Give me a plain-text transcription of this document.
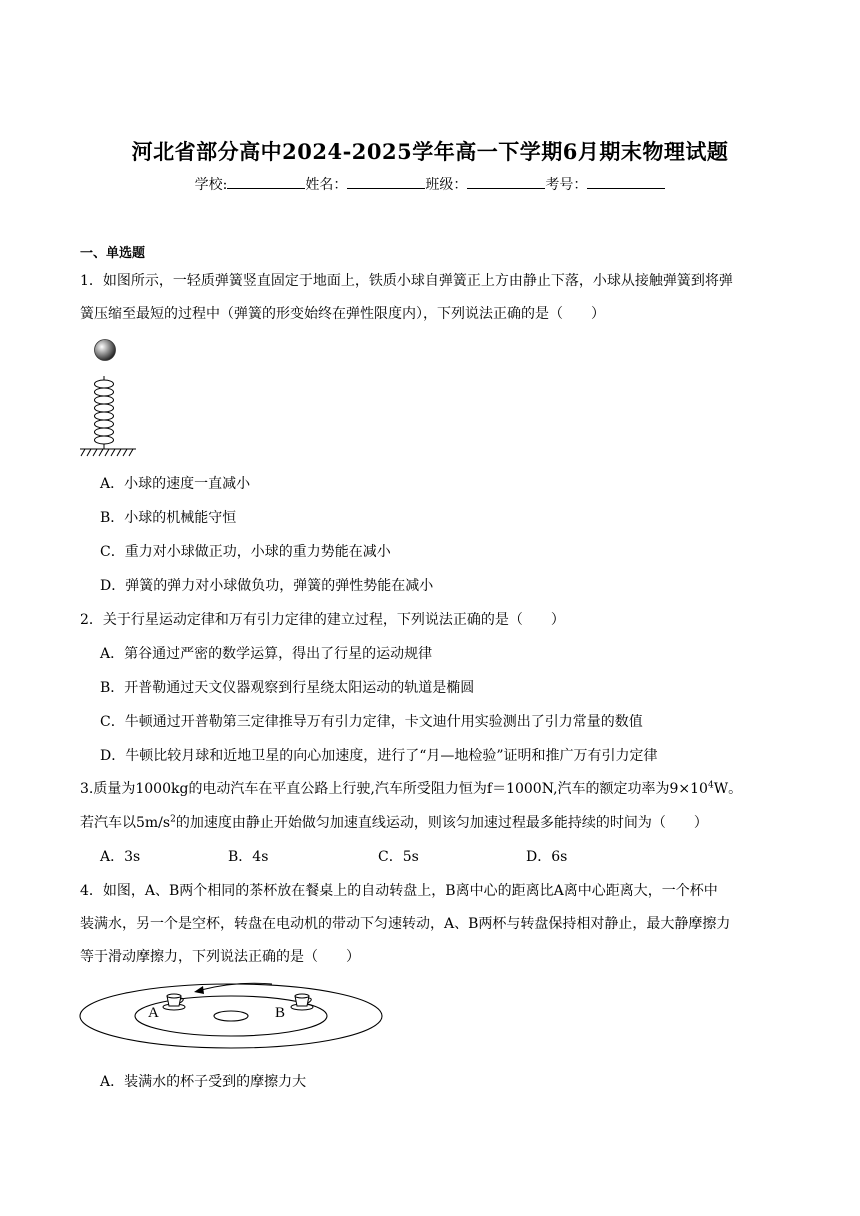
河北省部分高中2024-2025学年高一下学期6月期末物理试题
学校:	姓名：	班级：	考号：
一、单选题
1．如图所示，一轻质弹簧竖直固定于地面上，铁质小球自弹簧正上方由静止下落，小球从接触弹簧到将弹
簧压缩至最短的过程中（弹簧的形变始终在弹性限度内），下列说法正确的是（　　）
A．小球的速度一直减小
B．小球的机械能守恒
C．重力对小球做正功，小球的重力势能在减小
D．弹簧的弹力对小球做负功，弹簧的弹性势能在减小
2．关于行星运动定律和万有引力定律的建立过程，下列说法正确的是（　　）
A．第谷通过严密的数学运算，得出了行星的运动规律
B．开普勒通过天文仪器观察到行星绕太阳运动的轨道是椭圆
C．牛顿通过开普勒第三定律推导万有引力定律，卡文迪什用实验测出了引力常量的数值
D．牛顿比较月球和近地卫星的向心加速度，进行了“月—地检验”证明和推广万有引力定律
3.质量为1000kg的电动汽车在平直公路上行驶,汽车所受阻力恒为f＝1000N,汽车的额定功率为$9\times 10^4W$。
若汽车以$5m/s^2$的加速度由静止开始做匀加速直线运动，则该匀加速过程最多能持续的时间为（　　）
A．3s	B．4s	C．5s	D．6s
4．如图，A、B两个相同的茶杯放在餐桌上的自动转盘上，B离中心的距离比A离中心距离大，一个杯中
装满水，另一个是空杯，转盘在电动机的带动下匀速转动，A、B两杯与转盘保持相对静止，最大静摩擦力
等于滑动摩擦力，下列说法正确的是（　　）
A	B
A．装满水的杯子受到的摩擦力大
